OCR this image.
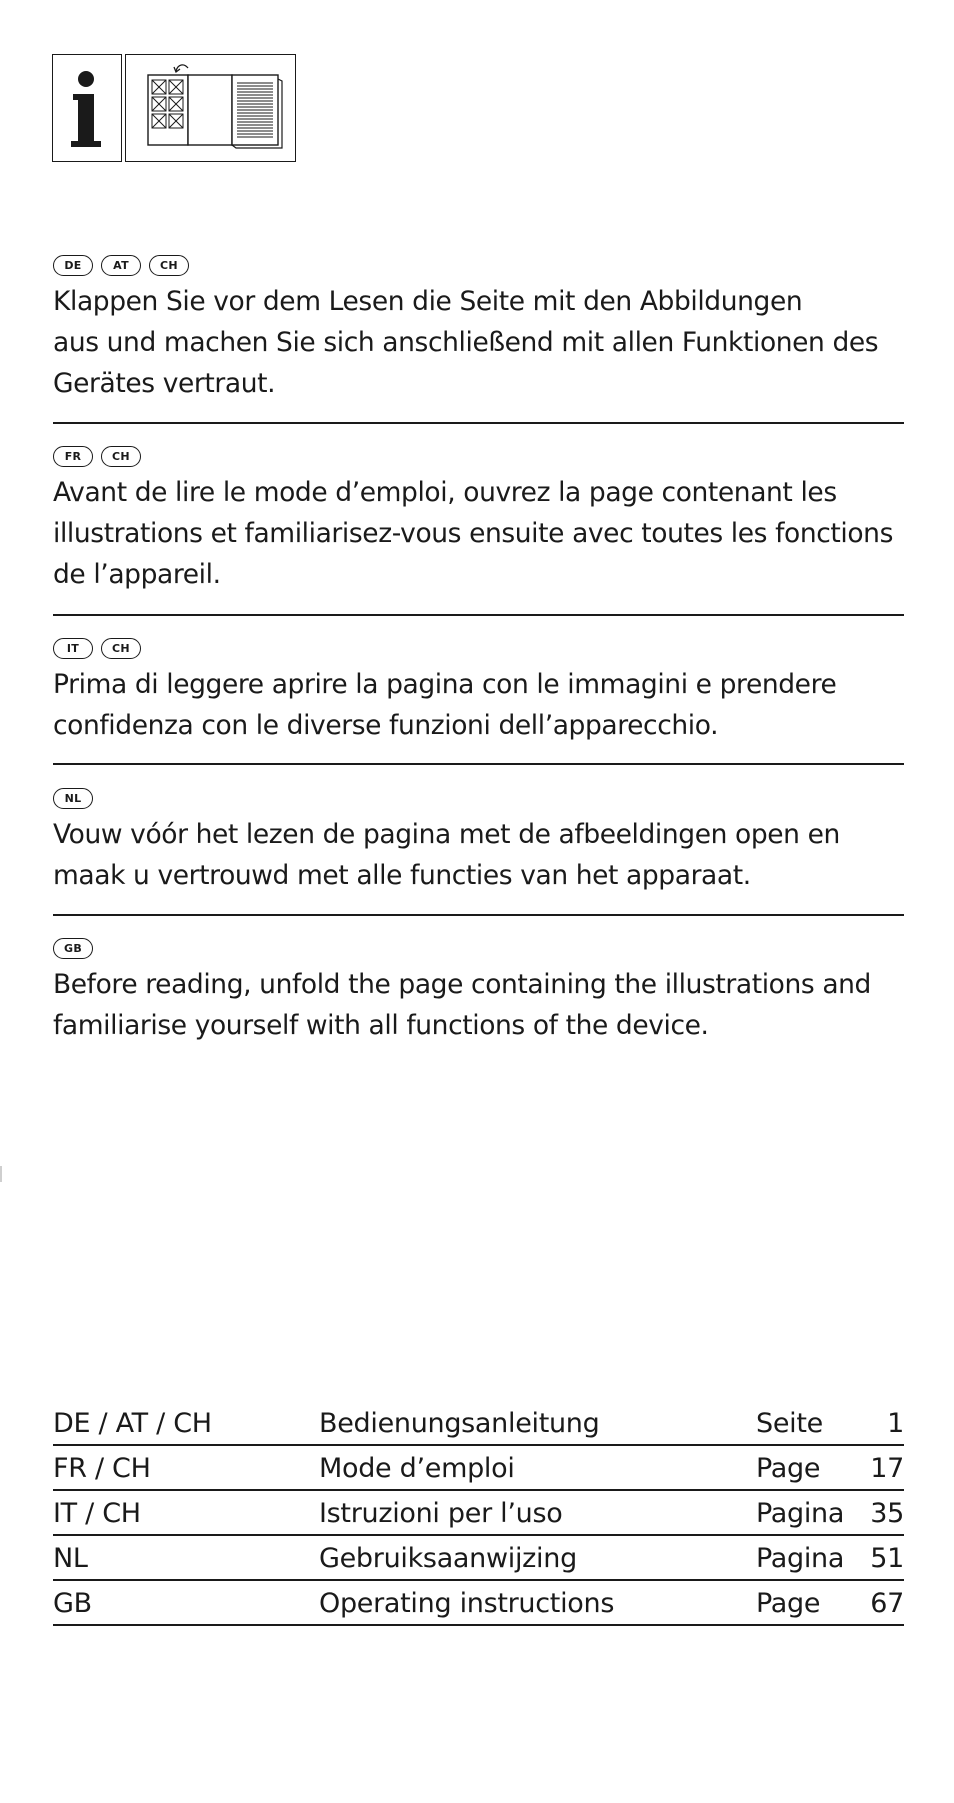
DE	AT	CH
Klappen Sie vor dem Lesen die Seite mit den Abbildungen
aus und machen Sie sich anschließend mit allen Funktionen des
Gerätes vertraut.
FR	CH
Avant de lire le mode d’emploi, ouvrez la page contenant les
illustrations et familiarisez-vous ensuite avec toutes les fonctions
de l’appareil.
IT	CH
Prima di leggere aprire la pagina con le immagini e prendere
confidenza con le diverse funzioni dell’apparecchio.
NL
Vouw vóór het lezen de pagina met de afbeeldingen open en
maak u vertrouwd met alle functies van het apparaat.
GB
Before reading, unfold the page containing the illustrations and
familiarise yourself with all functions of the device.
DE / AT / CH	Bedienungsanleitung	Seite 1
FR / CH	Mode d’emploi	Page 17
IT / CH	Istruzioni per l’uso	Pagina 35
NL	Gebruiksaanwijzing	Pagina 51
GB	Operating instructions	Page 67
